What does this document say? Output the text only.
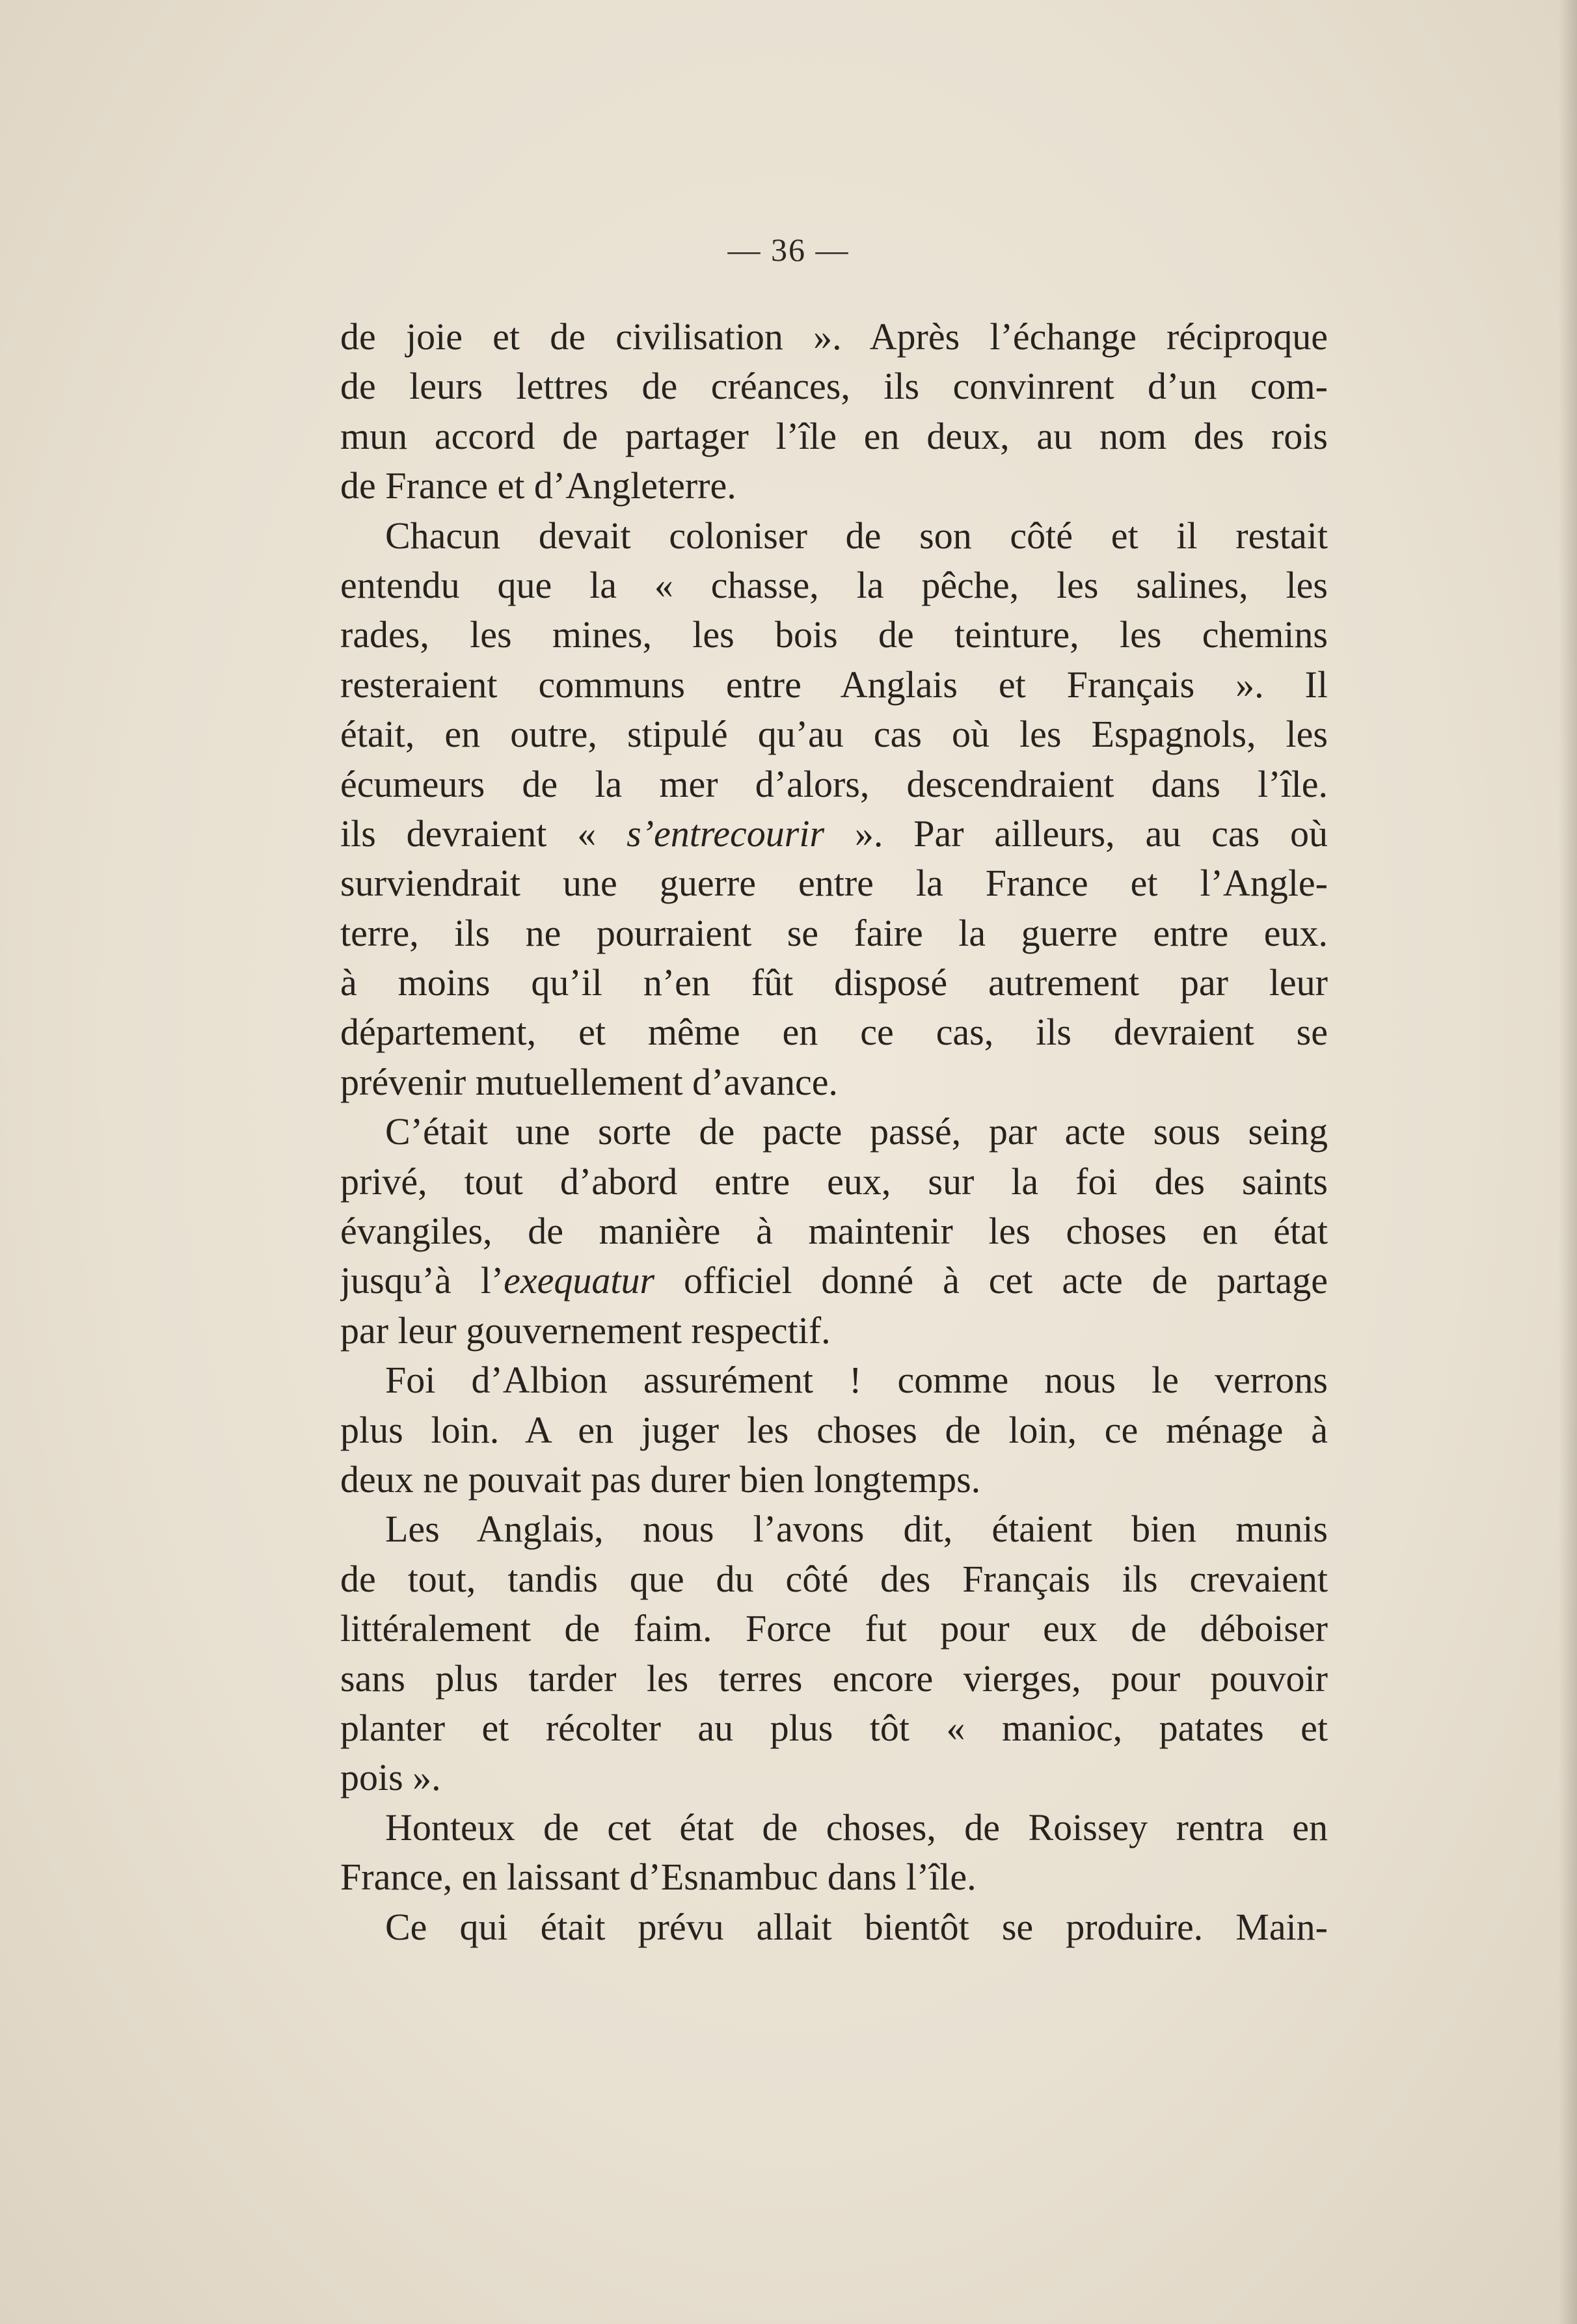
— 36 —
de joie et de civilisation ». Après l’échange réciproque
de leurs lettres de créances, ils convinrent d’un com-
mun accord de partager l’île en deux, au nom des rois
de France et d’Angleterre.
Chacun devait coloniser de son côté et il restait
entendu que la « chasse, la pêche, les salines, les
rades, les mines, les bois de teinture, les chemins
resteraient communs entre Anglais et Français ». Il
était, en outre, stipulé qu’au cas où les Espagnols, les
écumeurs de la mer d’alors, descendraient dans l’île.
ils devraient « s’entrecourir ». Par ailleurs, au cas où
surviendrait une guerre entre la France et l’Angle-
terre, ils ne pourraient se faire la guerre entre eux.
à moins qu’il n’en fût disposé autrement par leur
département, et même en ce cas, ils devraient se
prévenir mutuellement d’avance.
C’était une sorte de pacte passé, par acte sous seing
privé, tout d’abord entre eux, sur la foi des saints
évangiles, de manière à maintenir les choses en état
jusqu’à l’exequatur officiel donné à cet acte de partage
par leur gouvernement respectif.
Foi d’Albion assurément ! comme nous le verrons
plus loin. A en juger les choses de loin, ce ménage à
deux ne pouvait pas durer bien longtemps.
Les Anglais, nous l’avons dit, étaient bien munis
de tout, tandis que du côté des Français ils crevaient
littéralement de faim. Force fut pour eux de déboiser
sans plus tarder les terres encore vierges, pour pouvoir
planter et récolter au plus tôt « manioc, patates et
pois ».
Honteux de cet état de choses, de Roissey rentra en
France, en laissant d’Esnambuc dans l’île.
Ce qui était prévu allait bientôt se produire. Main-
